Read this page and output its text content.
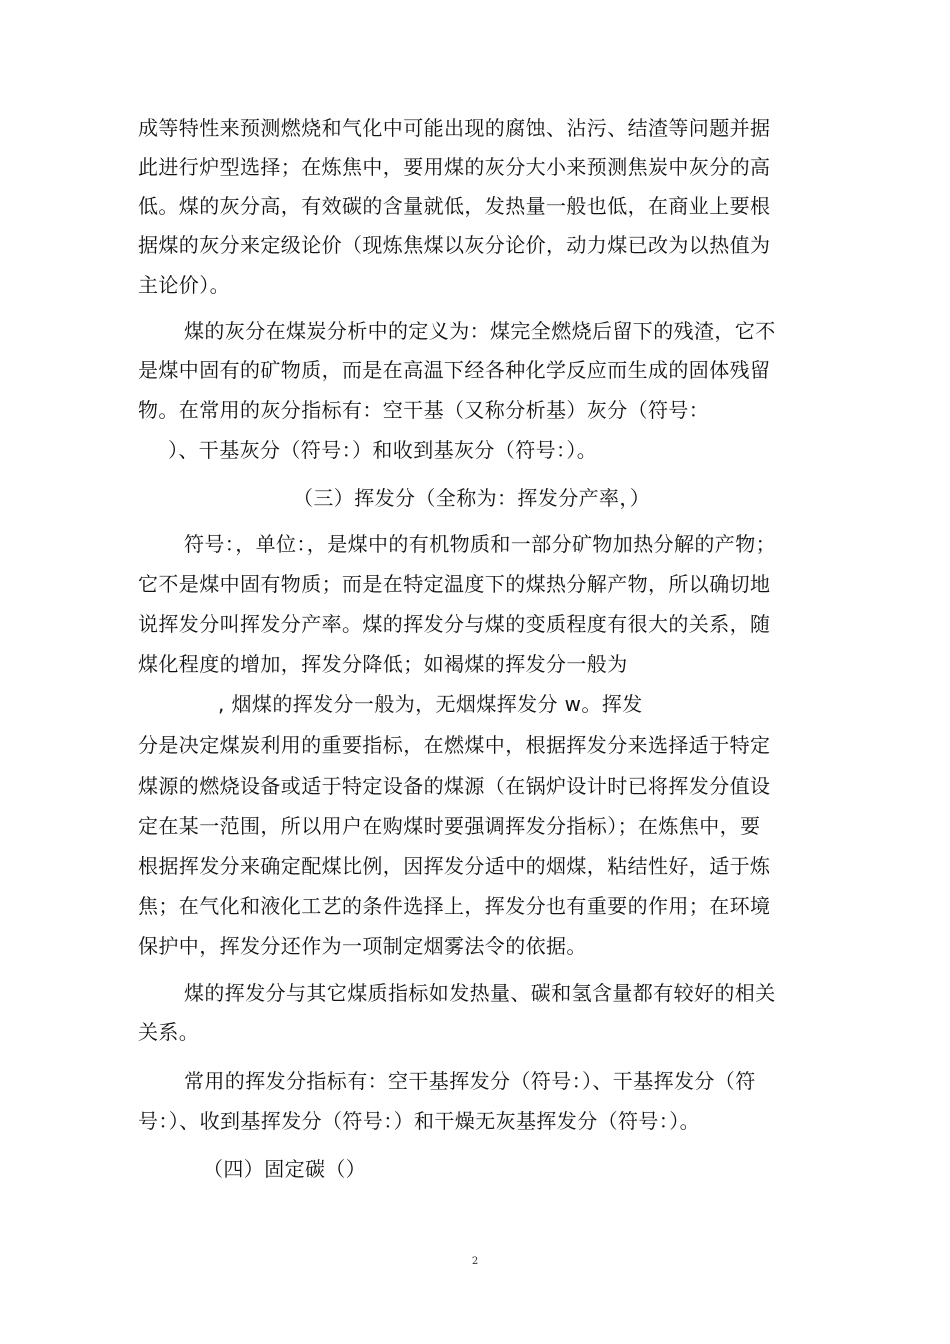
成等特性来预测燃烧和气化中可能出现的腐蚀、沾污、结渣等问题并据
此进行炉型选择；在炼焦中，要用煤的灰分大小来预测焦炭中灰分的高
低。煤的灰分高，有效碳的含量就低，发热量一般也低，在商业上要根
据煤的灰分来定级论价（现炼焦煤以灰分论价，动力煤已改为以热值为
主论价）。
煤的灰分在煤炭分析中的定义为：煤完全燃烧后留下的残渣，它不
是煤中固有的矿物质，而是在高温下经各种化学反应而生成的固体残留
物。在常用的灰分指标有：空干基（又称分析基）灰分（符号：
）、干基灰分（符号：）和收到基灰分（符号：）。
（三）挥发分（全称为：挥发分产率，）
符号：，单位：，是煤中的有机物质和一部分矿物加热分解的产物；
它不是煤中固有物质；而是在特定温度下的煤热分解产物，所以确切地
说挥发分叫挥发分产率。煤的挥发分与煤的变质程度有很大的关系，随
煤化程度的增加，挥发分降低；如褐煤的挥发分一般为
, 烟煤的挥发分一般为，无烟煤挥发分 w。挥发
分是决定煤炭利用的重要指标，在燃煤中，根据挥发分来选择适于特定
煤源的燃烧设备或适于特定设备的煤源（在锅炉设计时已将挥发分值设
定在某一范围，所以用户在购煤时要强调挥发分指标）；在炼焦中，要
根据挥发分来确定配煤比例，因挥发分适中的烟煤，粘结性好，适于炼
焦；在气化和液化工艺的条件选择上，挥发分也有重要的作用；在环境
保护中，挥发分还作为一项制定烟雾法令的依据。
煤的挥发分与其它煤质指标如发热量、碳和氢含量都有较好的相关
关系。
常用的挥发分指标有：空干基挥发分（符号：）、干基挥发分（符
号：）、收到基挥发分（符号：）和干燥无灰基挥发分（符号：）。
（四）固定碳（）
2
